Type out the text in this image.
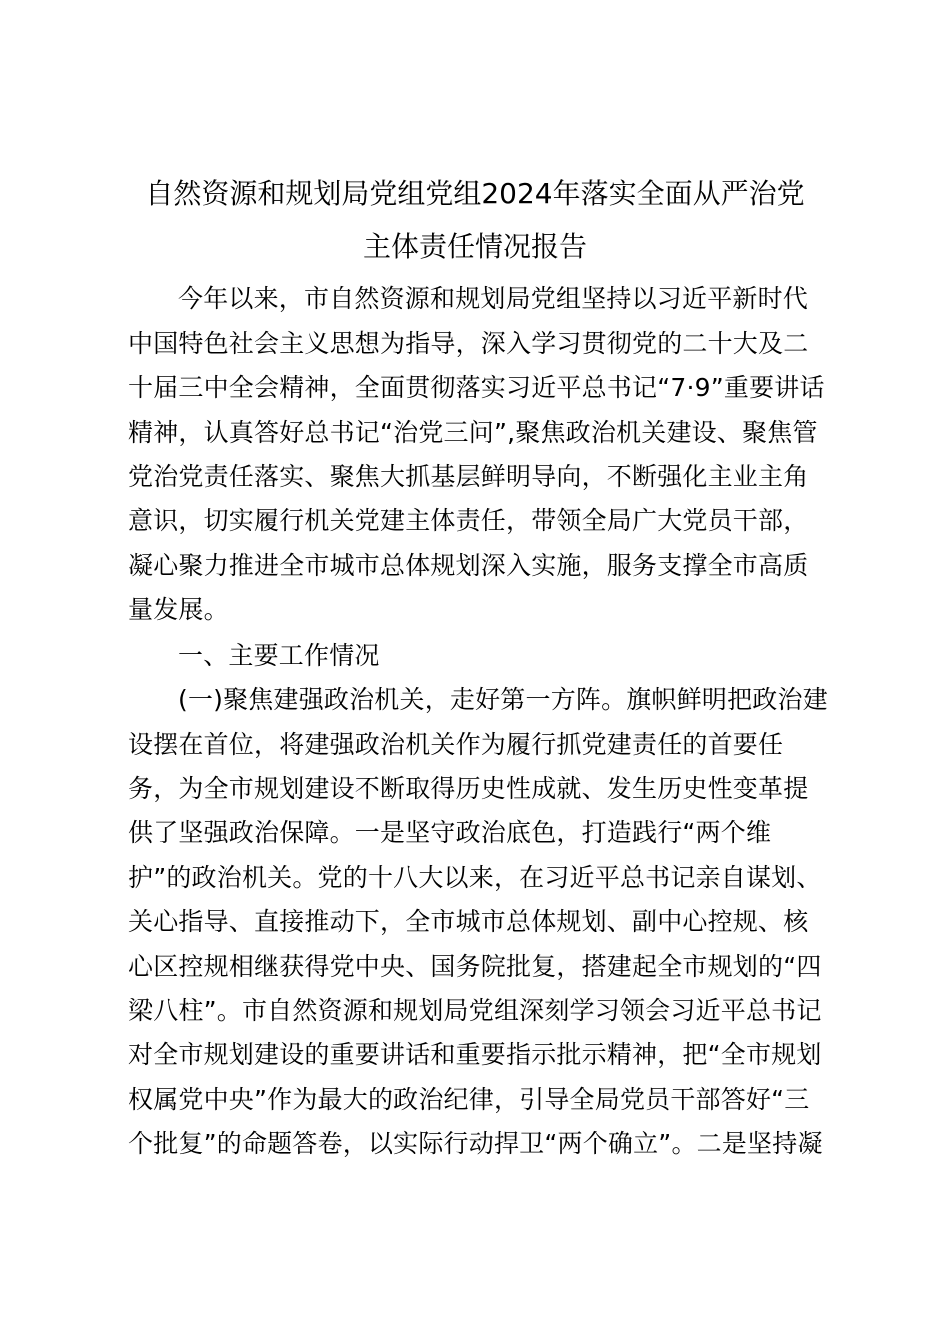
自然资源和规划局党组党组2024年落实全面从严治党
主体责任情况报告
今年以来，市自然资源和规划局党组坚持以习近平新时代
中国特色社会主义思想为指导，深入学习贯彻党的二十大及二
十届三中全会精神，全面贯彻落实习近平总书记“7·9”重要讲话
精神，认真答好总书记“治党三问”,聚焦政治机关建设、聚焦管
党治党责任落实、聚焦大抓基层鲜明导向，不断强化主业主角
意识，切实履行机关党建主体责任，带领全局广大党员干部，
凝心聚力推进全市城市总体规划深入实施，服务支撑全市高质
量发展。
一、主要工作情况
(一)聚焦建强政治机关，走好第一方阵。旗帜鲜明把政治建
设摆在首位，将建强政治机关作为履行抓党建责任的首要任
务，为全市规划建设不断取得历史性成就、发生历史性变革提
供了坚强政治保障。一是坚守政治底色，打造践行“两个维
护”的政治机关。党的十八大以来，在习近平总书记亲自谋划、
关心指导、直接推动下，全市城市总体规划、副中心控规、核
心区控规相继获得党中央、国务院批复，搭建起全市规划的“四
梁八柱”。市自然资源和规划局党组深刻学习领会习近平总书记
对全市规划建设的重要讲话和重要指示批示精神，把“全市规划
权属党中央”作为最大的政治纪律，引导全局党员干部答好“三
个批复”的命题答卷，以实际行动捍卫“两个确立”。二是坚持凝
